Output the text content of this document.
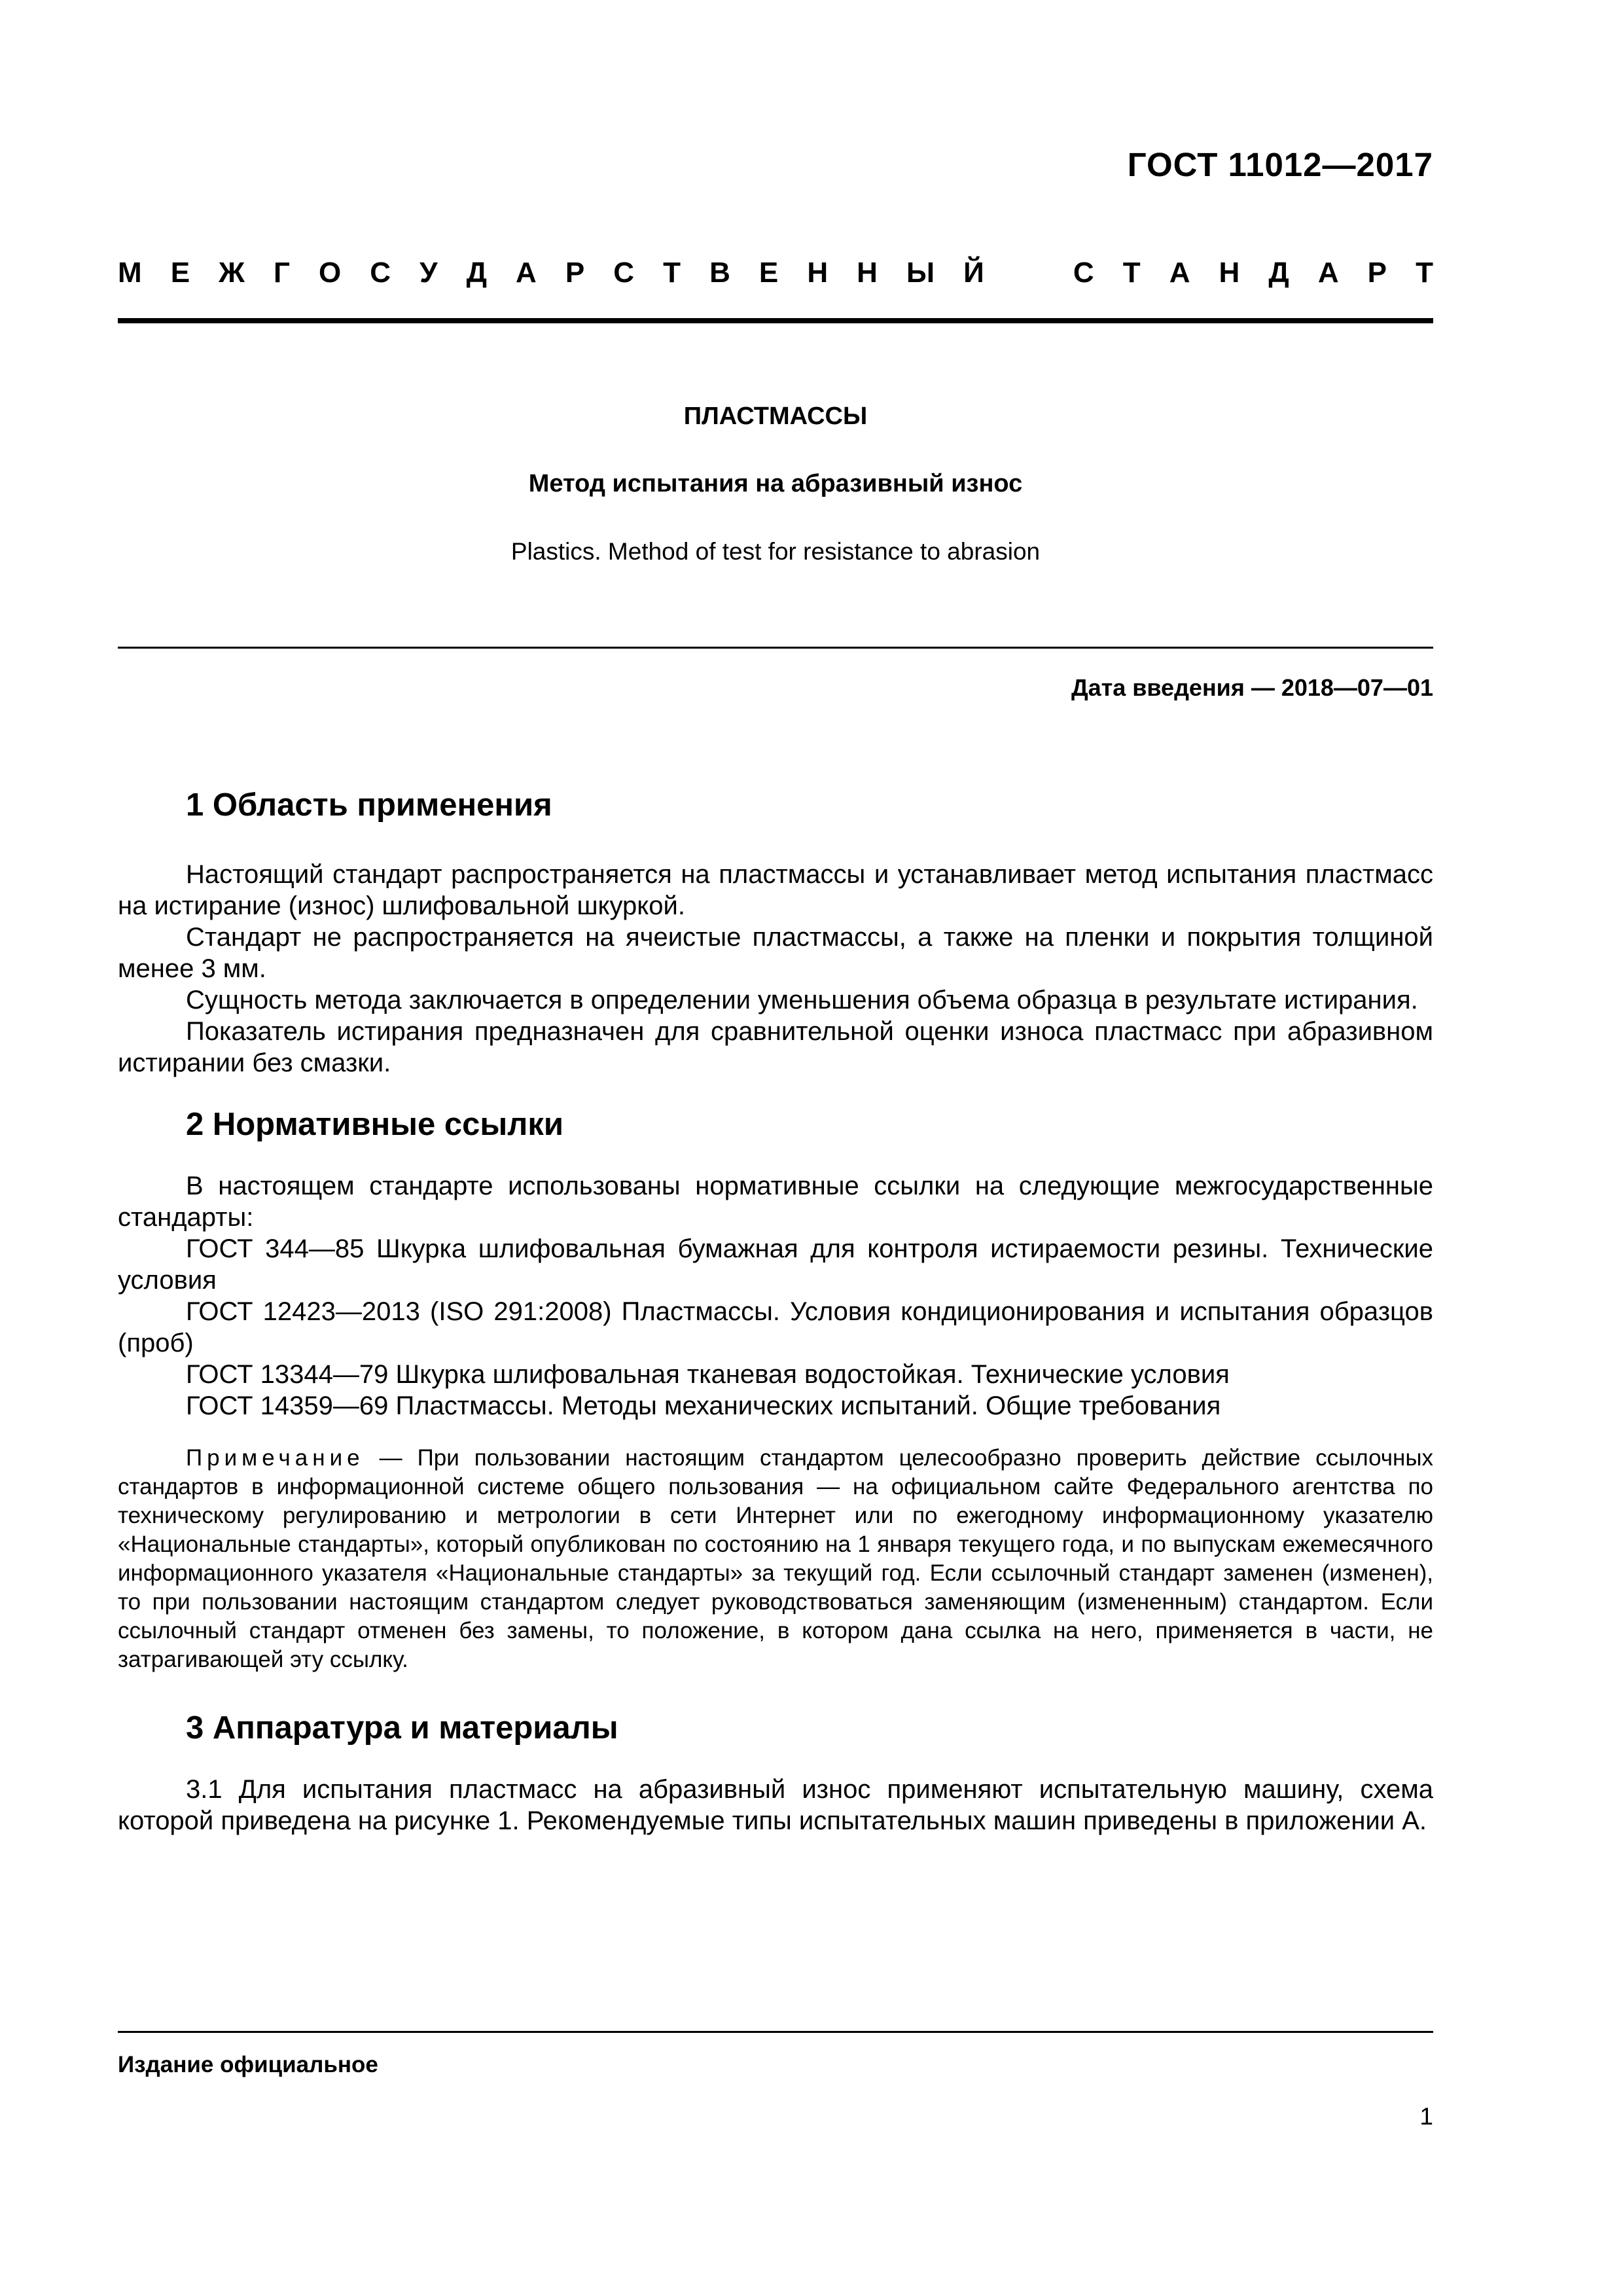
ГОСТ 11012—2017
М Е Ж Г О С У Д А Р С Т В Е Н Н Ы Й	С Т А Н Д А Р Т
ПЛАСТМАССЫ
Метод испытания на абразивный износ
Plastics. Method of test for resistance to abrasion
Дата введения — 2018—07—01
1 Область применения

Настоящий стандарт распространяется на пластмассы и устанавливает метод испытания пластмасс на истирание (износ) шлифовальной шкуркой.

Стандарт не распространяется на ячеистые пластмассы, а также на пленки и покрытия толщиной менее 3 мм.

Сущность метода заключается в определении уменьшения объема образца в результате истирания.

Показатель истирания предназначен для сравнительной оценки износа пластмасс при абразивном истирании без смазки.

2 Нормативные ссылки

В настоящем стандарте использованы нормативные ссылки на следующие межгосударственные стандарты:

ГОСТ 344—85 Шкурка шлифовальная бумажная для контроля истираемости резины. Технические условия

ГОСТ 12423—2013 (ISO 291:2008) Пластмассы. Условия кондиционирования и испытания образцов (проб)

ГОСТ 13344—79 Шкурка шлифовальная тканевая водостойкая. Технические условия

ГОСТ 14359—69 Пластмассы. Методы механических испытаний. Общие требования

Примечание — При пользовании настоящим стандартом целесообразно проверить действие ссылочных стандартов в информационной системе общего пользования — на официальном сайте Федерального агентства по техническому регулированию и метрологии в сети Интернет или по ежегодному информационному указателю «Национальные стандарты», который опубликован по состоянию на 1 января текущего года, и по выпускам ежемесячного информационного указателя «Национальные стандарты» за текущий год. Если ссылочный стандарт заменен (изменен), то при пользовании настоящим стандартом следует руководствоваться заменяющим (измененным) стандартом. Если ссылочный стандарт отменен без замены, то положение, в котором дана ссылка на него, применяется в части, не затрагивающей эту ссылку.

3 Аппаратура и материалы

3.1 Для испытания пластмасс на абразивный износ применяют испытательную машину, схема которой приведена на рисунке 1. Рекомендуемые типы испытательных машин приведены в приложении А.

Издание официальное
1
